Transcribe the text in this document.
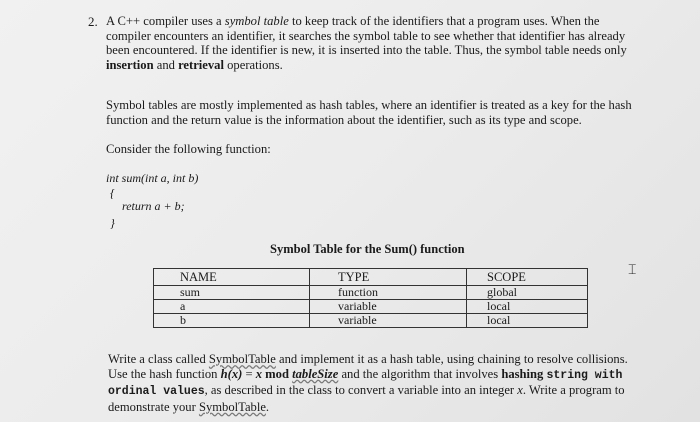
2. A C++ compiler uses a symbol table to keep track of the identifiers that a program uses. When the compiler encounters an identifier, it searches the symbol table to see whether that identifier has already been encountered. If the identifier is new, it is inserted into the table. Thus, the symbol table needs only insertion and retrieval operations.
Symbol tables are mostly implemented as hash tables, where an identifier is treated as a key for the hash function and the return value is the information about the identifier, such as its type and scope.
Consider the following function:
int sum(int a, int b)
{
return a + b;
}
Symbol Table for the Sum() function
NAME	TYPE	SCOPE
sum	function	global
a	variable	local
b	variable	local
Write a class called SymbolTable and implement it as a hash table, using chaining to resolve collisions. Use the hash function h(x) = x mod tableSize and the algorithm that involves hashing string with ordinal values, as described in the class to convert a variable into an integer x. Write a program to demonstrate your SymbolTable.
⌶
